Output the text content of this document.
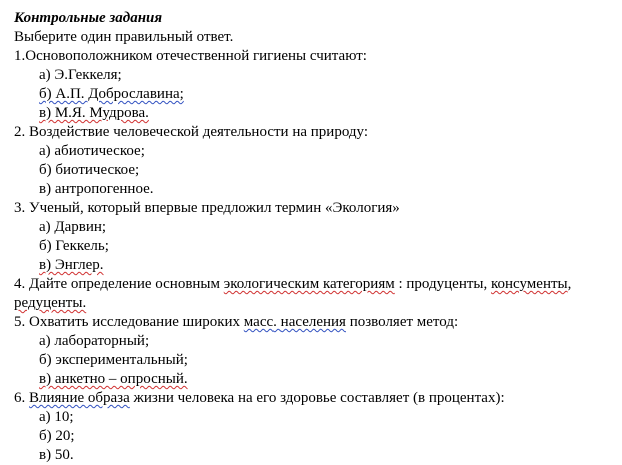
Контрольные задания
Выберите один правильный ответ.
1.Основоположником отечественной гигиены считают:
а) Э.Геккеля;
б) А.П. Доброславина;
в) М.Я. Мудрова.
2. Воздействие человеческой деятельности на природу:
а) абиотическое;
б) биотическое;
в) антропогенное.
3. Ученый, который впервые предложил термин «Экология»
а) Дарвин;
б) Геккель;
в) Энглер.
4. Дайте определение основным экологическим категориям : продуценты, консументы,
редуценты.
5. Охватить исследование широких масс. населения позволяет метод:
а) лабораторный;
б) экспериментальный;
в) анкетно – опросный.
6. Влияние образа жизни человека на его здоровье составляет (в процентах):
а) 10;
б) 20;
в) 50.
